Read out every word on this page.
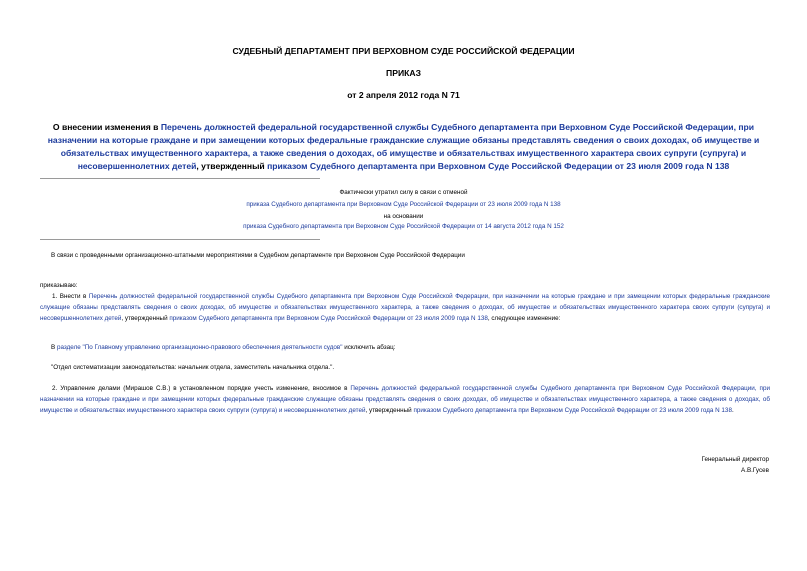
СУДЕБНЫЙ ДЕПАРТАМЕНТ ПРИ ВЕРХОВНОМ СУДЕ РОССИЙСКОЙ ФЕДЕРАЦИИ
ПРИКАЗ
от 2 апреля 2012 года N 71
О внесении изменения в Перечень должностей федеральной государственной службы Судебного департамента при Верховном Суде Российской Федерации, при назначении на которые граждане и при замещении которых федеральные гражданские служащие обязаны представлять сведения о своих доходах, об имуществе и обязательствах имущественного характера, а также сведения о доходах, об имуществе и обязательствах имущественного характера своих супруги (супруга) и несовершеннолетних детей, утвержденный приказом Судебного департамента при Верховном Суде Российской Федерации от 23 июля 2009 года N 138
Фактически утратил силу в связи с отменой
приказа Судебного департамента при Верховном Суде Российской Федерации от 23 июля 2009 года N 138
на основании
приказа Судебного департамента при Верховном Суде Российской Федерации от 14 августа 2012 года N 152
В связи с проведенными организационно-штатными мероприятиями в Судебном департаменте при Верховном Суде Российской Федерации
приказываю:
1. Внести в Перечень должностей федеральной государственной службы Судебного департамента при Верховном Суде Российской Федерации, при назначении на которые граждане и при замещении которых федеральные гражданские служащие обязаны представлять сведения о своих доходах, об имуществе и обязательствах имущественного характера, а также сведения о доходах, об имуществе и обязательствах имущественного характера своих супруги (супруга) и несовершеннолетних детей, утвержденный приказом Судебного департамента при Верховном Суде Российской Федерации от 23 июля 2009 года N 138, следующее изменение:
В разделе "По Главному управлению организационно-правового обеспечения деятельности судов" исключить абзац:
"Отдел систематизации законодательства: начальник отдела, заместитель начальника отдела.".
2. Управление делами (Мирашов С.В.) в установленном порядке учесть изменение, вносимое в Перечень должностей федеральной государственной службы Судебного департамента при Верховном Суде Российской Федерации, при назначении на которые граждане и при замещении которых федеральные гражданские служащие обязаны представлять сведения о своих доходах, об имуществе и обязательствах имущественного характера, а также сведения о доходах, об имуществе и обязательствах имущественного характера своих супруги (супруга) и несовершеннолетних детей, утвержденный приказом Судебного департамента при Верховном Суде Российской Федерации от 23 июля 2009 года N 138.
Генеральный директор
А.В.Гусев
